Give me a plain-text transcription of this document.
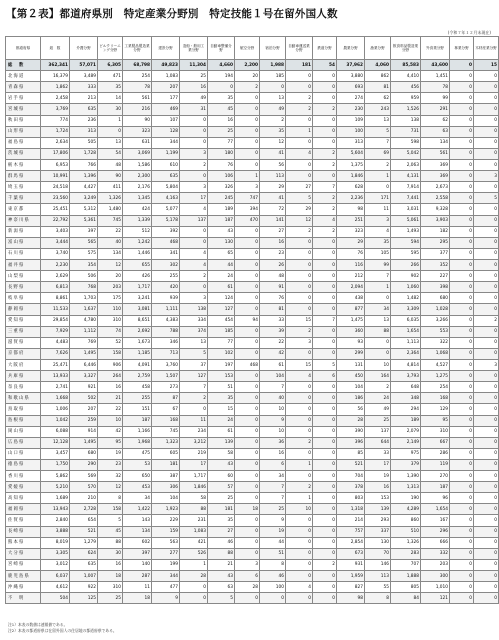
【第２表】都道府県別　特定産業分野別　特定技能１号在留外国人数
(令和７年１２月末現在)
都道府県	総　数	介護分野	ビルクリーニング分野	工業製品製造業分野	建設分野	造船・舶用工業分野	自動車整備分野	航空分野	宿泊分野	自動車運送業分野	鉄道分野	農業分野	漁業分野	飲食料品製造業分野	外食業分野	林業分野	木材産業分野
総　数	362,341	57,071	6,305	68,798	49,823	11,304	4,660	2,200	1,988	181	54	37,962	4,060	85,583	43,600	0	15
北海道	16,379	3,489	471	254	1,083	25	194	20	185	0	0	3,880	862	4,410	1,451	0	0
青森県	1,862	333	35	78	207	16	0	2	0	0	0	693	81	456	78	0	0
岩手県	2,458	213	14	561	177	49	35	0	13	2	0	274	62	959	99	0	0
宮城県	3,769	635	30	216	469	31	45	0	49	2	2	230	243	1,526	291	0	0
秋田県	774	236	1	90	107	0	16	0	2	0	0	109	13	138	62	0	0
山形県	1,724	313	0	323	128	0	25	0	35	1	0	100	5	731	63	0	0
福島県	2,634	505	13	631	344	0	77	0	12	0	0	313	7	598	134	0	0
茨城県	17,806	1,728	54	3,069	1,199	3	180	0	41	4	2	5,604	69	5,042	561	0	0
栃木県	6,953	766	48	1,586	610	2	76	0	56	0	2	1,375	2	2,063	369	0	0
群馬県	10,991	1,396	90	2,300	635	0	106	1	113	0	0	1,846	1	4,131	369	0	3
埼玉県	24,518	4,427	411	2,176	5,804	3	326	3	29	27	7	628	0	7,914	2,673	0	0
千葉県	23,560	3,249	1,326	1,345	4,163	17	245	747	41	5	2	2,236	171	7,441	2,558	0	5
東京都	25,451	5,312	1,480	424	5,077	4	189	394	72	29	2	98	11	3,031	9,328	0	0
神奈川県	22,792	5,361	745	1,339	5,178	137	187	470	141	12	4	251	3	5,061	3,903	0	0
新潟県	3,403	397	22	512	392	0	43	0	27	2	2	323	4	1,493	182	0	0
富山県	3,444	565	40	1,242	468	0	130	0	16	0	0	29	35	594	295	0	0
石川県	3,740	575	134	1,446	341	4	65	0	23	0	0	76	105	595	377	0	0
福井県	2,230	354	12	655	302	4	44	0	26	0	0	116	99	266	352	0	0
山梨県	2,629	506	20	426	255	2	24	0	48	0	0	212	7	902	227	0	0
長野県	6,813	768	203	1,717	420	0	61	0	91	0	0	2,094	1	1,060	398	0	0
岐阜県	8,861	1,703	175	3,241	939	3	124	0	76	0	0	438	0	1,482	680	0	0
静岡県	11,533	1,637	110	3,081	1,111	138	127	0	81	0	0	877	34	3,309	1,028	0	0
愛知県	29,854	4,780	310	8,651	4,383	334	454	94	33	15	7	1,475	13	6,035	3,266	0	2
三重県	7,929	1,112	74	2,692	788	374	185	0	39	2	0	360	88	1,654	553	0	0
滋賀県	4,483	769	52	1,673	346	13	77	0	22	3	0	93	0	1,113	322	0	0
京都府	7,626	1,495	158	1,185	713	5	102	0	42	0	0	299	0	2,364	1,068	0	0
大阪府	25,471	6,446	906	4,091	3,760	37	197	468	61	15	5	131	10	4,814	4,527	0	3
兵庫県	13,933	3,327	264	2,759	1,507	127	153	0	104	4	6	450	164	3,793	1,275	0	0
奈良県	2,741	921	16	458	273	7	51	0	7	0	0	104	2	648	254	0	0
和歌山県	1,668	502	21	255	87	2	35	0	40	0	0	186	24	348	168	0	0
鳥取県	1,006	207	22	151	67	0	15	0	10	0	0	56	49	294	129	0	0
島根県	1,042	259	10	187	168	11	24	0	9	0	0	28	25	189	95	0	0
岡山県	6,088	914	42	1,166	745	234	61	0	10	0	0	390	137	2,079	310	0	0
広島県	12,128	1,495	95	1,968	1,323	3,212	139	0	36	2	0	396	644	2,149	667	0	0
山口県	3,457	680	19	475	605	219	58	0	16	0	0	85	33	975	286	0	0
徳島県	1,750	290	23	53	181	17	43	0	6	1	0	521	17	379	119	0	0
香川県	5,862	569	32	650	387	1,717	60	0	34	0	0	704	19	1,390	270	0	0
愛媛県	5,210	570	12	453	306	1,846	57	0	7	2	0	378	16	1,313	187	0	0
高知県	1,689	210	8	34	104	58	25	0	7	1	0	803	153	190	96	0	0
福岡県	13,943	2,728	158	1,422	1,923	88	181	18	25	10	0	1,318	139	4,289	1,654	0	0
佐賀県	2,840	654	5	143	229	231	35	0	9	0	0	214	293	860	167	0	0
長崎県	3,888	521	45	134	159	1,083	27	0	19	0	0	757	337	510	296	0	0
熊本県	8,019	1,279	88	602	563	421	46	0	44	0	0	2,854	130	1,326	666	0	0
大分県	3,305	624	30	397	277	526	88	0	51	0	0	673	70	283	332	0	0
宮崎県	3,012	635	16	140	199	1	21	3	8	0	2	931	146	707	203	0	0
鹿児島県	6,037	1,007	18	287	344	28	43	6	46	0	0	1,959	113	1,888	300	0	0
沖縄県	4,612	922	310	11	477	0	63	28	100	4	0	827	55	805	1,010	0	0
不　明	504	125	25	18	9	0	5	0	0	0	0	98	8	84	121	0	0
注1）本表の数値は速報値である。
注2）本表の都道府県は在留外国人の住居地の都道府県である。
